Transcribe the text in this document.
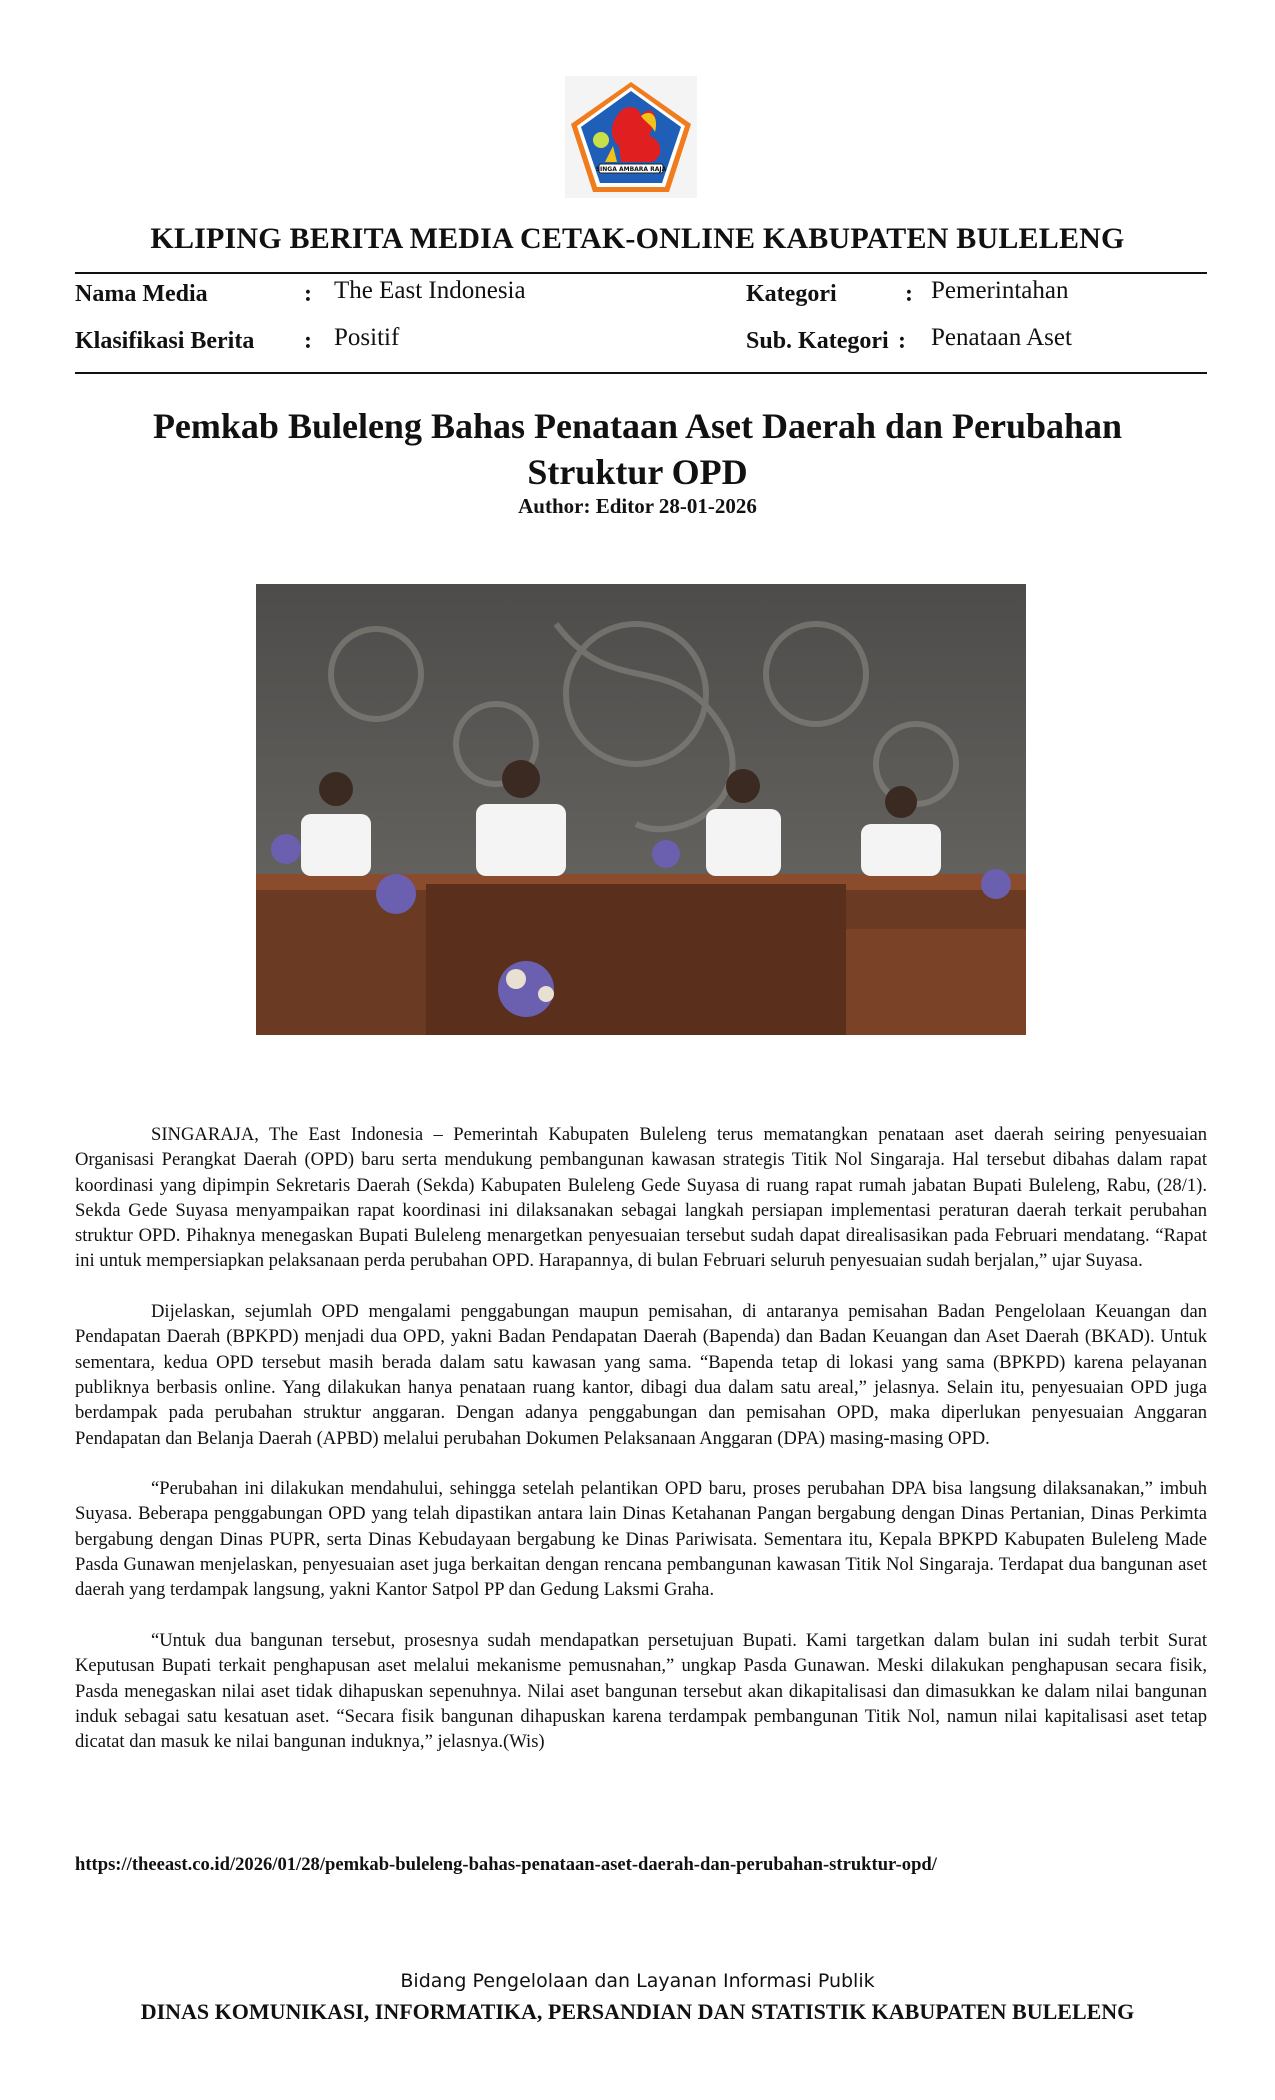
SINGA AMBARA RAJA
KLIPING BERITA MEDIA CETAK-ONLINE KABUPATEN BULELENG
Nama Media	: The East Indonesia	Kategori	: Pemerintahan
Klasifikasi Berita : Positif	Sub. Kategori : Penataan Aset
Pemkab Buleleng Bahas Penataan Aset Daerah dan Perubahan Struktur OPD
Author: Editor 28-01-2026

SINGARAJA, The East Indonesia – Pemerintah Kabupaten Buleleng terus mematangkan penataan aset daerah seiring penyesuaian Organisasi Perangkat Daerah (OPD) baru serta mendukung pembangunan kawasan strategis Titik Nol Singaraja. Hal tersebut dibahas dalam rapat koordinasi yang dipimpin Sekretaris Daerah (Sekda) Kabupaten Buleleng Gede Suyasa di ruang rapat rumah jabatan Bupati Buleleng, Rabu, (28/1). Sekda Gede Suyasa menyampaikan rapat koordinasi ini dilaksanakan sebagai langkah persiapan implementasi peraturan daerah terkait perubahan struktur OPD. Pihaknya menegaskan Bupati Buleleng menargetkan penyesuaian tersebut sudah dapat direalisasikan pada Februari mendatang. “Rapat ini untuk mempersiapkan pelaksanaan perda perubahan OPD. Harapannya, di bulan Februari seluruh penyesuaian sudah berjalan,” ujar Suyasa.

Dijelaskan, sejumlah OPD mengalami penggabungan maupun pemisahan, di antaranya pemisahan Badan Pengelolaan Keuangan dan Pendapatan Daerah (BPKPD) menjadi dua OPD, yakni Badan Pendapatan Daerah (Bapenda) dan Badan Keuangan dan Aset Daerah (BKAD). Untuk sementara, kedua OPD tersebut masih berada dalam satu kawasan yang sama. “Bapenda tetap di lokasi yang sama (BPKPD) karena pelayanan publiknya berbasis online. Yang dilakukan hanya penataan ruang kantor, dibagi dua dalam satu areal,” jelasnya. Selain itu, penyesuaian OPD juga berdampak pada perubahan struktur anggaran. Dengan adanya penggabungan dan pemisahan OPD, maka diperlukan penyesuaian Anggaran Pendapatan dan Belanja Daerah (APBD) melalui perubahan Dokumen Pelaksanaan Anggaran (DPA) masing-masing OPD.

“Perubahan ini dilakukan mendahului, sehingga setelah pelantikan OPD baru, proses perubahan DPA bisa langsung dilaksanakan,” imbuh Suyasa. Beberapa penggabungan OPD yang telah dipastikan antara lain Dinas Ketahanan Pangan bergabung dengan Dinas Pertanian, Dinas Perkimta bergabung dengan Dinas PUPR, serta Dinas Kebudayaan bergabung ke Dinas Pariwisata. Sementara itu, Kepala BPKPD Kabupaten Buleleng Made Pasda Gunawan menjelaskan, penyesuaian aset juga berkaitan dengan rencana pembangunan kawasan Titik Nol Singaraja. Terdapat dua bangunan aset daerah yang terdampak langsung, yakni Kantor Satpol PP dan Gedung Laksmi Graha.

“Untuk dua bangunan tersebut, prosesnya sudah mendapatkan persetujuan Bupati. Kami targetkan dalam bulan ini sudah terbit Surat Keputusan Bupati terkait penghapusan aset melalui mekanisme pemusnahan,” ungkap Pasda Gunawan. Meski dilakukan penghapusan secara fisik, Pasda menegaskan nilai aset tidak dihapuskan sepenuhnya. Nilai aset bangunan tersebut akan dikapitalisasi dan dimasukkan ke dalam nilai bangunan induk sebagai satu kesatuan aset. “Secara fisik bangunan dihapuskan karena terdampak pembangunan Titik Nol, namun nilai kapitalisasi aset tetap dicatat dan masuk ke nilai bangunan induknya,” jelasnya.(Wis)

https://theeast.co.id/2026/01/28/pemkab-buleleng-bahas-penataan-aset-daerah-dan-perubahan-struktur-opd/
Bidang Pengelolaan dan Layanan Informasi Publik
DINAS KOMUNIKASI, INFORMATIKA, PERSANDIAN DAN STATISTIK KABUPATEN BULELENG
